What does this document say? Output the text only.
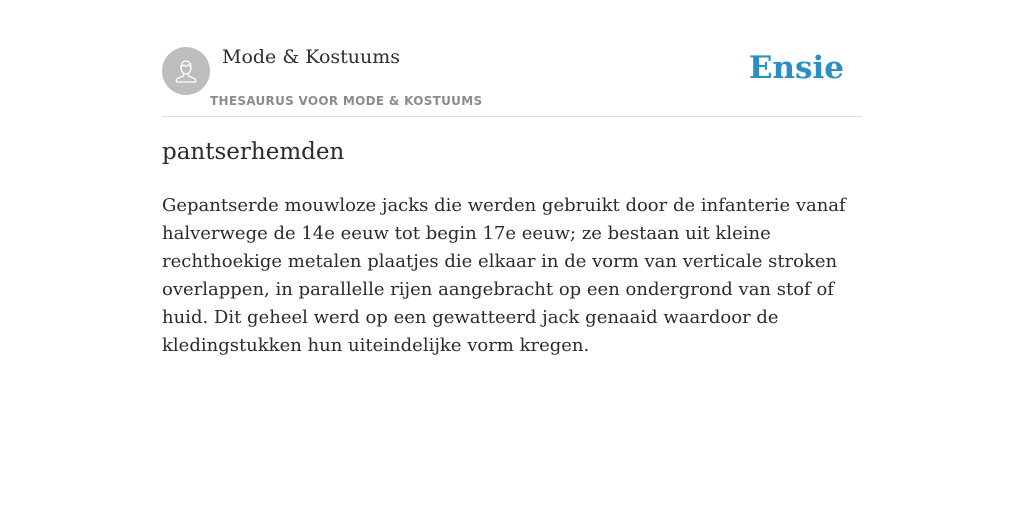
Mode & Kostuums
THESAURUS VOOR MODE & KOSTUUMS
Ensie
pantserhemden

Gepantserde mouwloze jacks die werden gebruikt door de infanterie vanaf halverwege de 14e eeuw tot begin 17e eeuw; ze bestaan uit kleine rechthoekige metalen plaatjes die elkaar in de vorm van verticale stroken overlappen, in parallelle rijen aangebracht op een ondergrond van stof of huid. Dit geheel werd op een gewatteerd jack genaaid waardoor de kledingstukken hun uiteindelijke vorm kregen.
